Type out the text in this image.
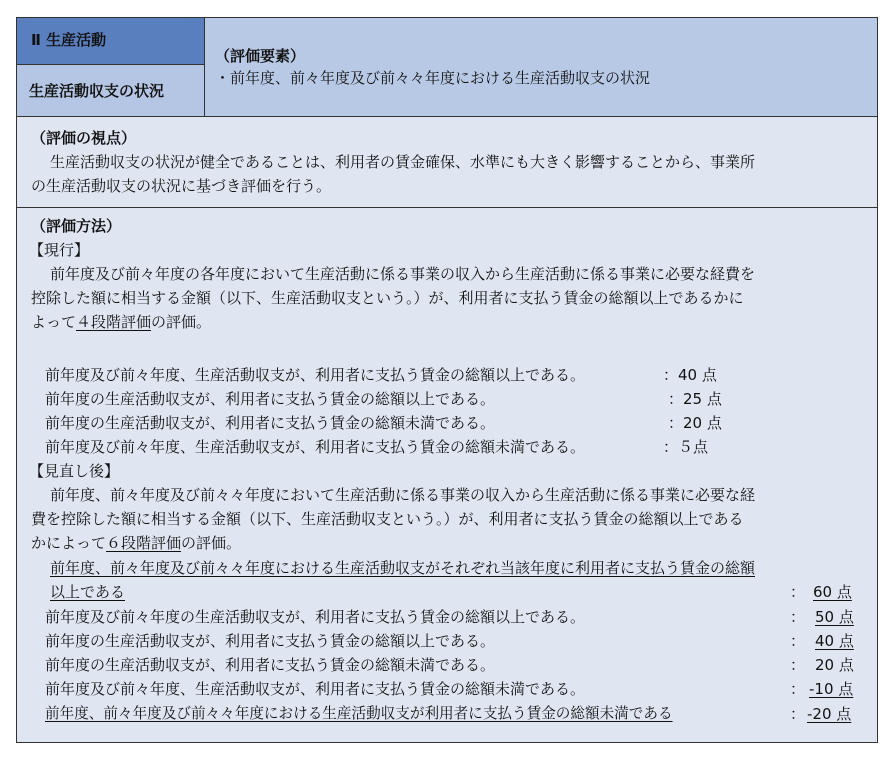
Ⅱ 生産活動
生産活動収支の状況
（評価要素）
・前年度、前々年度及び前々々年度における生産活動収支の状況
（評価の視点）
生産活動収支の状況が健全であることは、利用者の賃金確保、水準にも大きく影響することから、事業所
の生産活動収支の状況に基づき評価を行う。
（評価方法）
【現行】
前年度及び前々年度の各年度において生産活動に係る事業の収入から生産活動に係る事業に必要な経費を
控除した額に相当する金額（以下、生産活動収支という。）が、利用者に支払う賃金の総額以上であるかに
よって４段階評価の評価。
前年度及び前々年度、生産活動収支が、利用者に支払う賃金の総額以上である。	：40 点
前年度の生産活動収支が、利用者に支払う賃金の総額以上である。	：25 点
前年度の生産活動収支が、利用者に支払う賃金の総額未満である。	：20 点
前年度及び前々年度、生産活動収支が、利用者に支払う賃金の総額未満である。	：５点
【見直し後】
前年度、前々年度及び前々々年度において生産活動に係る事業の収入から生産活動に係る事業に必要な経
費を控除した額に相当する金額（以下、生産活動収支という。）が、利用者に支払う賃金の総額以上である
かによって６段階評価の評価。
前年度、前々年度及び前々々年度における生産活動収支がそれぞれ当該年度に利用者に支払う賃金の総額
以上である	： 60 点
前年度及び前々年度の生産活動収支が、利用者に支払う賃金の総額以上である。	： 50 点
前年度の生産活動収支が、利用者に支払う賃金の総額以上である。	： 40 点
前年度の生産活動収支が、利用者に支払う賃金の総額未満である。	： 20 点
前年度及び前々年度、生産活動収支が、利用者に支払う賃金の総額未満である。	： -10 点
前年度、前々年度及び前々々年度における生産活動収支が利用者に支払う賃金の総額未満である	： -20 点
